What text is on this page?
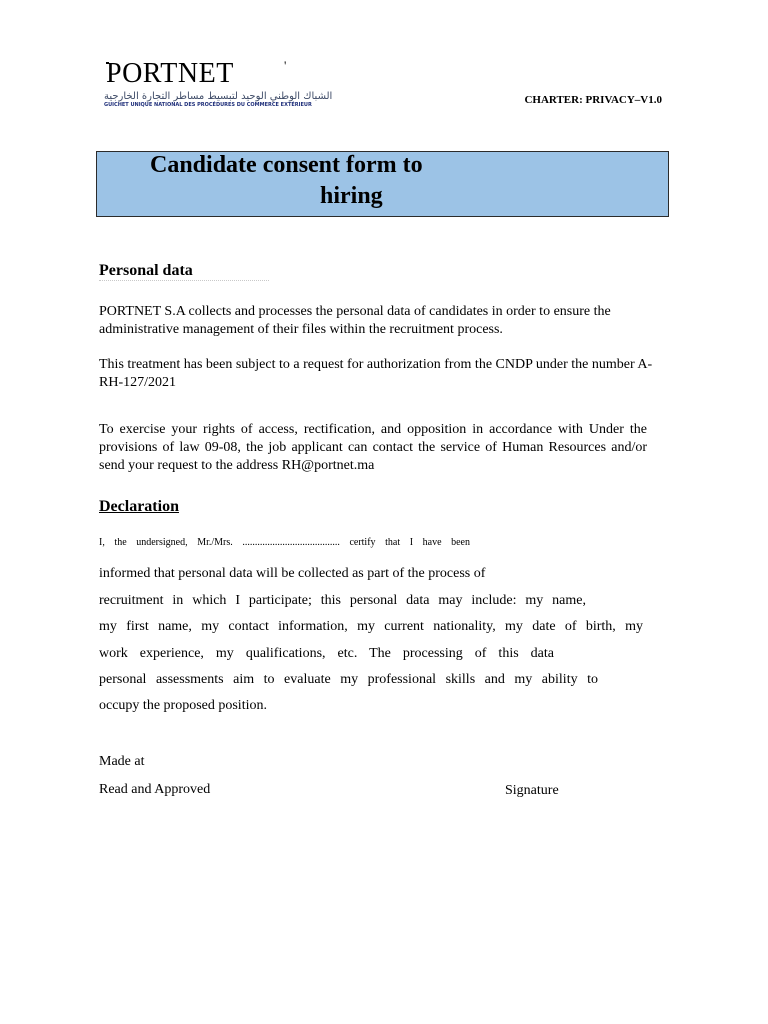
PORTNET	'
الشباك الوطني الوحيد لتبسيط مساطر التجارة الخارجية
GUICHET UNIQUE NATIONAL DES PROCÉDURES DU COMMERCE EXTÉRIEUR	CHARTER: PRIVACY–V1.0
Candidate consent form to
hiring
Personal data
PORTNET S.A collects and processes the personal data of candidates in order to ensure the administrative management of their files within the recruitment process.
This treatment has been subject to a request for authorization from the CNDP under the number A-RH-127/2021
To exercise your rights of access, rectification, and opposition in accordance with Under the provisions of law 09-08, the job applicant can contact the service of Human Resources and/or send your request to the address RH@portnet.ma
Declaration
I, the undersigned, Mr./Mrs. ....................................... certify that I have been
informed that personal data will be collected as part of the process of
recruitment in which I participate; this personal data may include: my name,
my first name, my contact information, my current nationality, my date of birth, my
work experience, my qualifications, etc. The processing of this data
personal assessments aim to evaluate my professional skills and my ability to
occupy the proposed position.
Made at
Read and Approved	Signature
